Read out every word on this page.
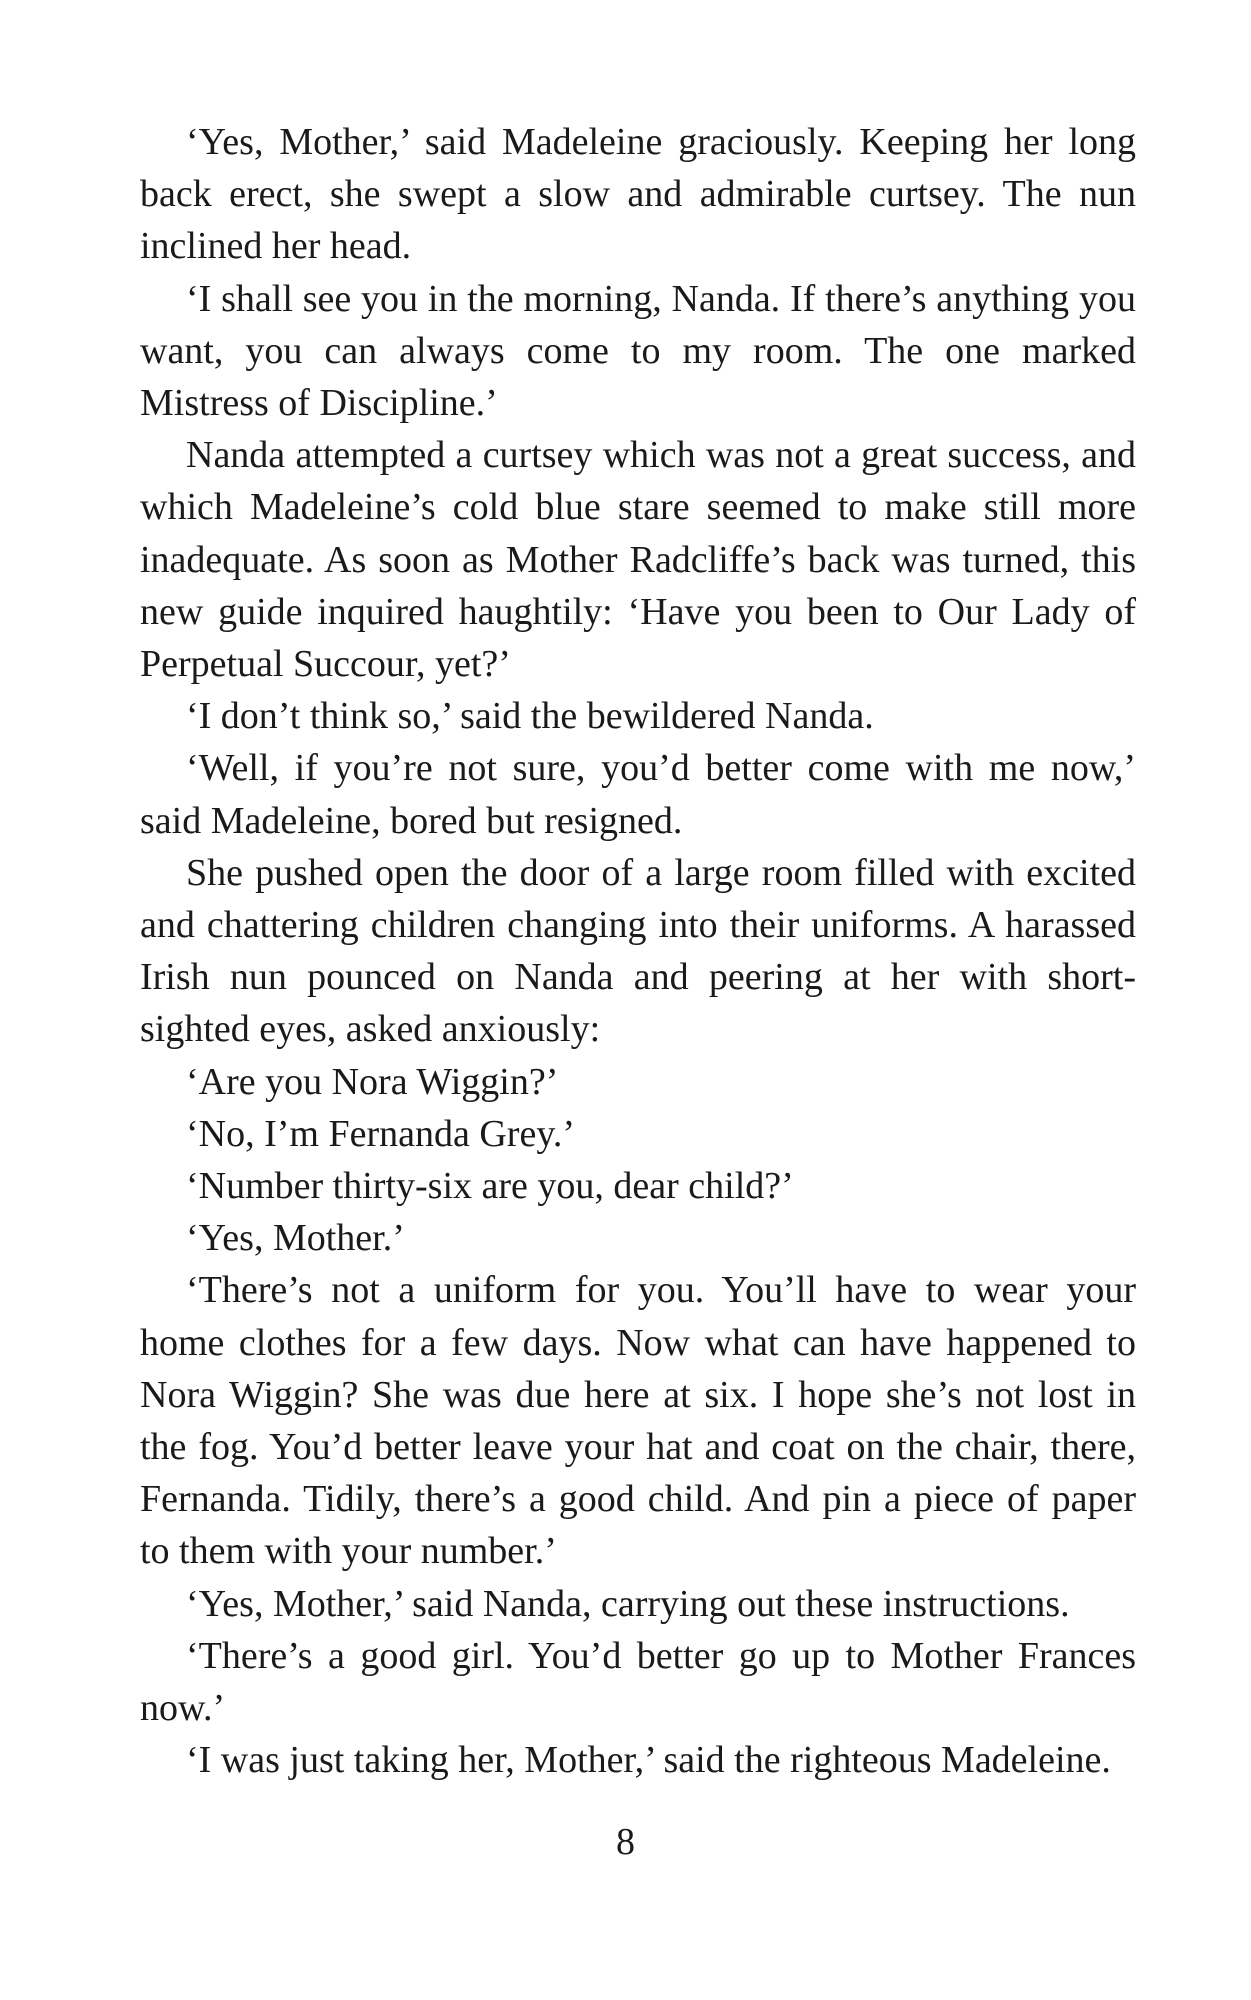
‘Yes, Mother,’ said Madeleine graciously. Keeping her long back erect, she swept a slow and admirable curtsey. The nun inclined her head.

‘I shall see you in the morning, Nanda. If there’s anything you want, you can always come to my room. The one marked Mistress of Discipline.’

Nanda attempted a curtsey which was not a great success, and which Madeleine’s cold blue stare seemed to make still more inadequate. As soon as Mother Radcliffe’s back was turned, this new guide inquired haughtily: ‘Have you been to Our Lady of Perpetual Succour, yet?’

‘I don’t think so,’ said the bewildered Nanda.

‘Well, if you’re not sure, you’d better come with me now,’ said Madeleine, bored but resigned.

She pushed open the door of a large room filled with excited and chattering children changing into their uniforms. A harassed Irish nun pounced on Nanda and peering at her with short-sighted eyes, asked anxiously:

‘Are you Nora Wiggin?’

‘No, I’m Fernanda Grey.’

‘Number thirty-six are you, dear child?’

‘Yes, Mother.’

‘There’s not a uniform for you. You’ll have to wear your home clothes for a few days. Now what can have happened to Nora Wiggin? She was due here at six. I hope she’s not lost in the fog. You’d better leave your hat and coat on the chair, there, Fernanda. Tidily, there’s a good child. And pin a piece of paper to them with your number.’

‘Yes, Mother,’ said Nanda, carrying out these instructions.

‘There’s a good girl. You’d better go up to Mother Frances now.’

‘I was just taking her, Mother,’ said the righteous Madeleine.

8
